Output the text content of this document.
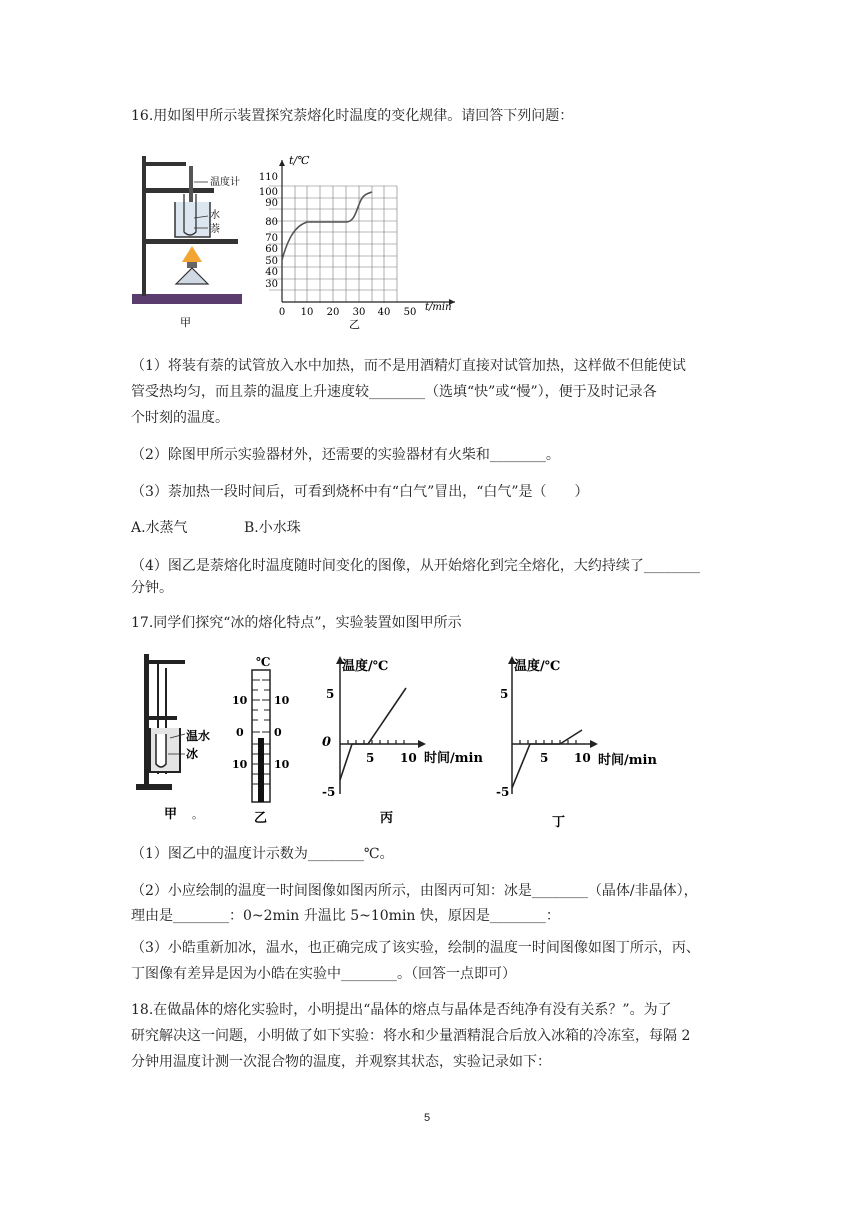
16.用如图甲所示装置探究萘熔化时温度的变化规律。请回答下列问题：
温度计
水
萘
甲
t/℃
t/min
110
100
90
80
70
60
50
40
30
0 10 20 30 40 50
乙
（1）将装有萘的试管放入水中加热，而不是用酒精灯直接对试管加热，这样做不但能使试
管受热均匀，而且萘的温度上升速度较________（选填“快”或“慢”），便于及时记录各
个时刻的温度。
（2）除图甲所示实验器材外，还需要的实验器材有火柴和________。
（3）萘加热一段时间后，可看到烧杯中有“白气”冒出，“白气”是（　　）
A.水蒸气	B.小水珠
（4）图乙是萘熔化时温度随时间变化的图像，从开始熔化到完全熔化，大约持续了________
分钟。
17.同学们探究“冰的熔化特点”，实验装置如图甲所示
温水
冰
甲 。
℃
10
0
10
10
0
10
乙
温度/℃
时间/min
5
0
-5
5 10
丙
温度/℃
时间/min
5
-5
5 10
丁
（1）图乙中的温度计示数为________℃。
（2）小应绘制的温度一时间图像如图丙所示，由图丙可知：冰是________（晶体/非晶体），
理由是________：0~2min 升温比 5~10min 快，原因是________：
（3）小皓重新加冰，温水，也正确完成了该实验，绘制的温度一时间图像如图丁所示，丙、
丁图像有差异是因为小皓在实验中________。（回答一点即可）
18.在做晶体的熔化实验时，小明提出“晶体的熔点与晶体是否纯净有没有关系？”。为了
研究解决这一问题，小明做了如下实验：将水和少量酒精混合后放入冰箱的冷冻室，每隔 2
分钟用温度计测一次混合物的温度，并观察其状态，实验记录如下：
5
